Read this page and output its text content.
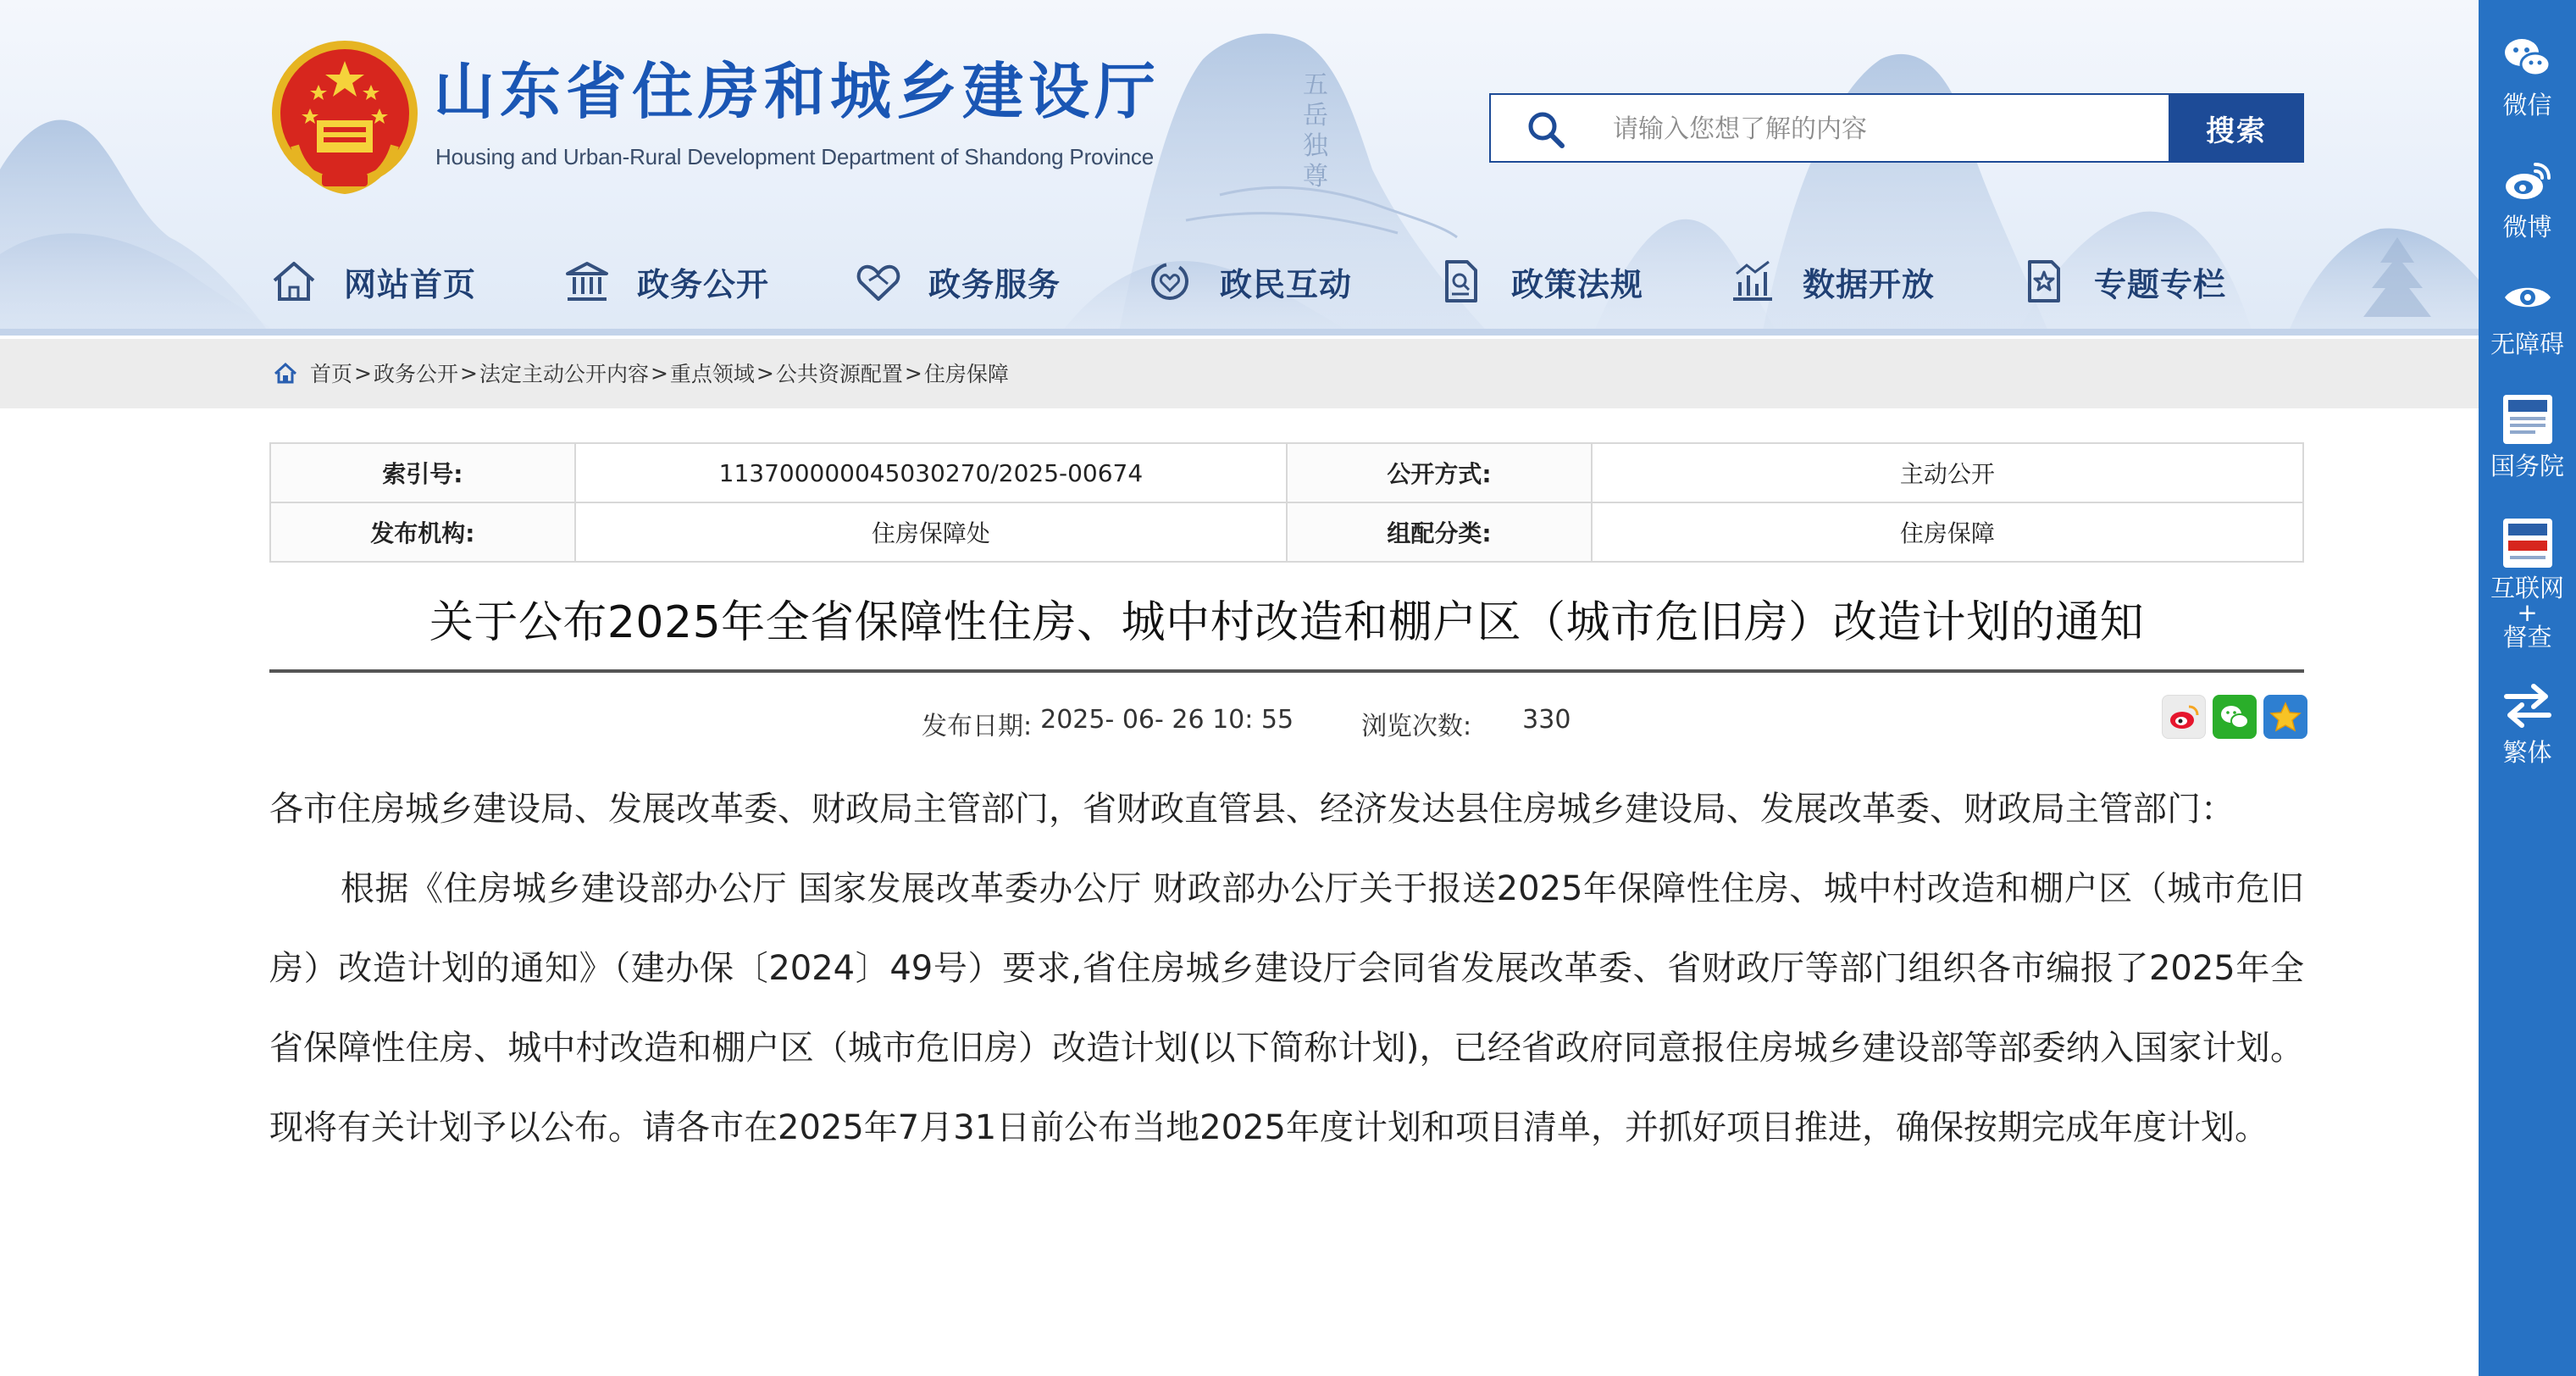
五
岳
独
尊
山东省住房和城乡建设厅
Housing and Urban-Rural Development Department of Shandong Province
请输入您想了解的内容
搜索
网站首页	政务公开	政务服务	政民互动	政策法规	数据开放	专题专栏
首页 > 政务公开 > 法定主动公开内容 > 重点领域 > 公共资源配置 > 住房保障
索引号:	113700000045030270/2025-00674	公开方式:	主动公开
发布机构:	住房保障处	组配分类:	住房保障
关于公布2025年全省保障性住房、城中村改造和棚户区（城市危旧房）改造计划的通知
发布日期: 2025- 06- 26 10: 55	浏览次数: 330

各市住房城乡建设局、发展改革委、财政局主管部门，省财政直管县、经济发达县住房城乡建设局、发展改革委、财政局主管部门：

根据《住房城乡建设部办公厅 国家发展改革委办公厅 财政部办公厅关于报送2025年保障性住房、城中村改造和棚户区（城市危旧房）改造计划的通知》（建办保〔2024〕49号）要求,省住房城乡建设厅会同省发展改革委、省财政厅等部门组织各市编报了2025年全省保障性住房、城中村改造和棚户区（城市危旧房）改造计划(以下简称计划)，已经省政府同意报住房城乡建设部等部委纳入国家计划。现将有关计划予以公布。请各市在2025年7月31日前公布当地2025年度计划和项目清单，并抓好项目推进，确保按期完成年度计划。

微信
微博
无障碍
国务院
互联网
+
督查
繁体
